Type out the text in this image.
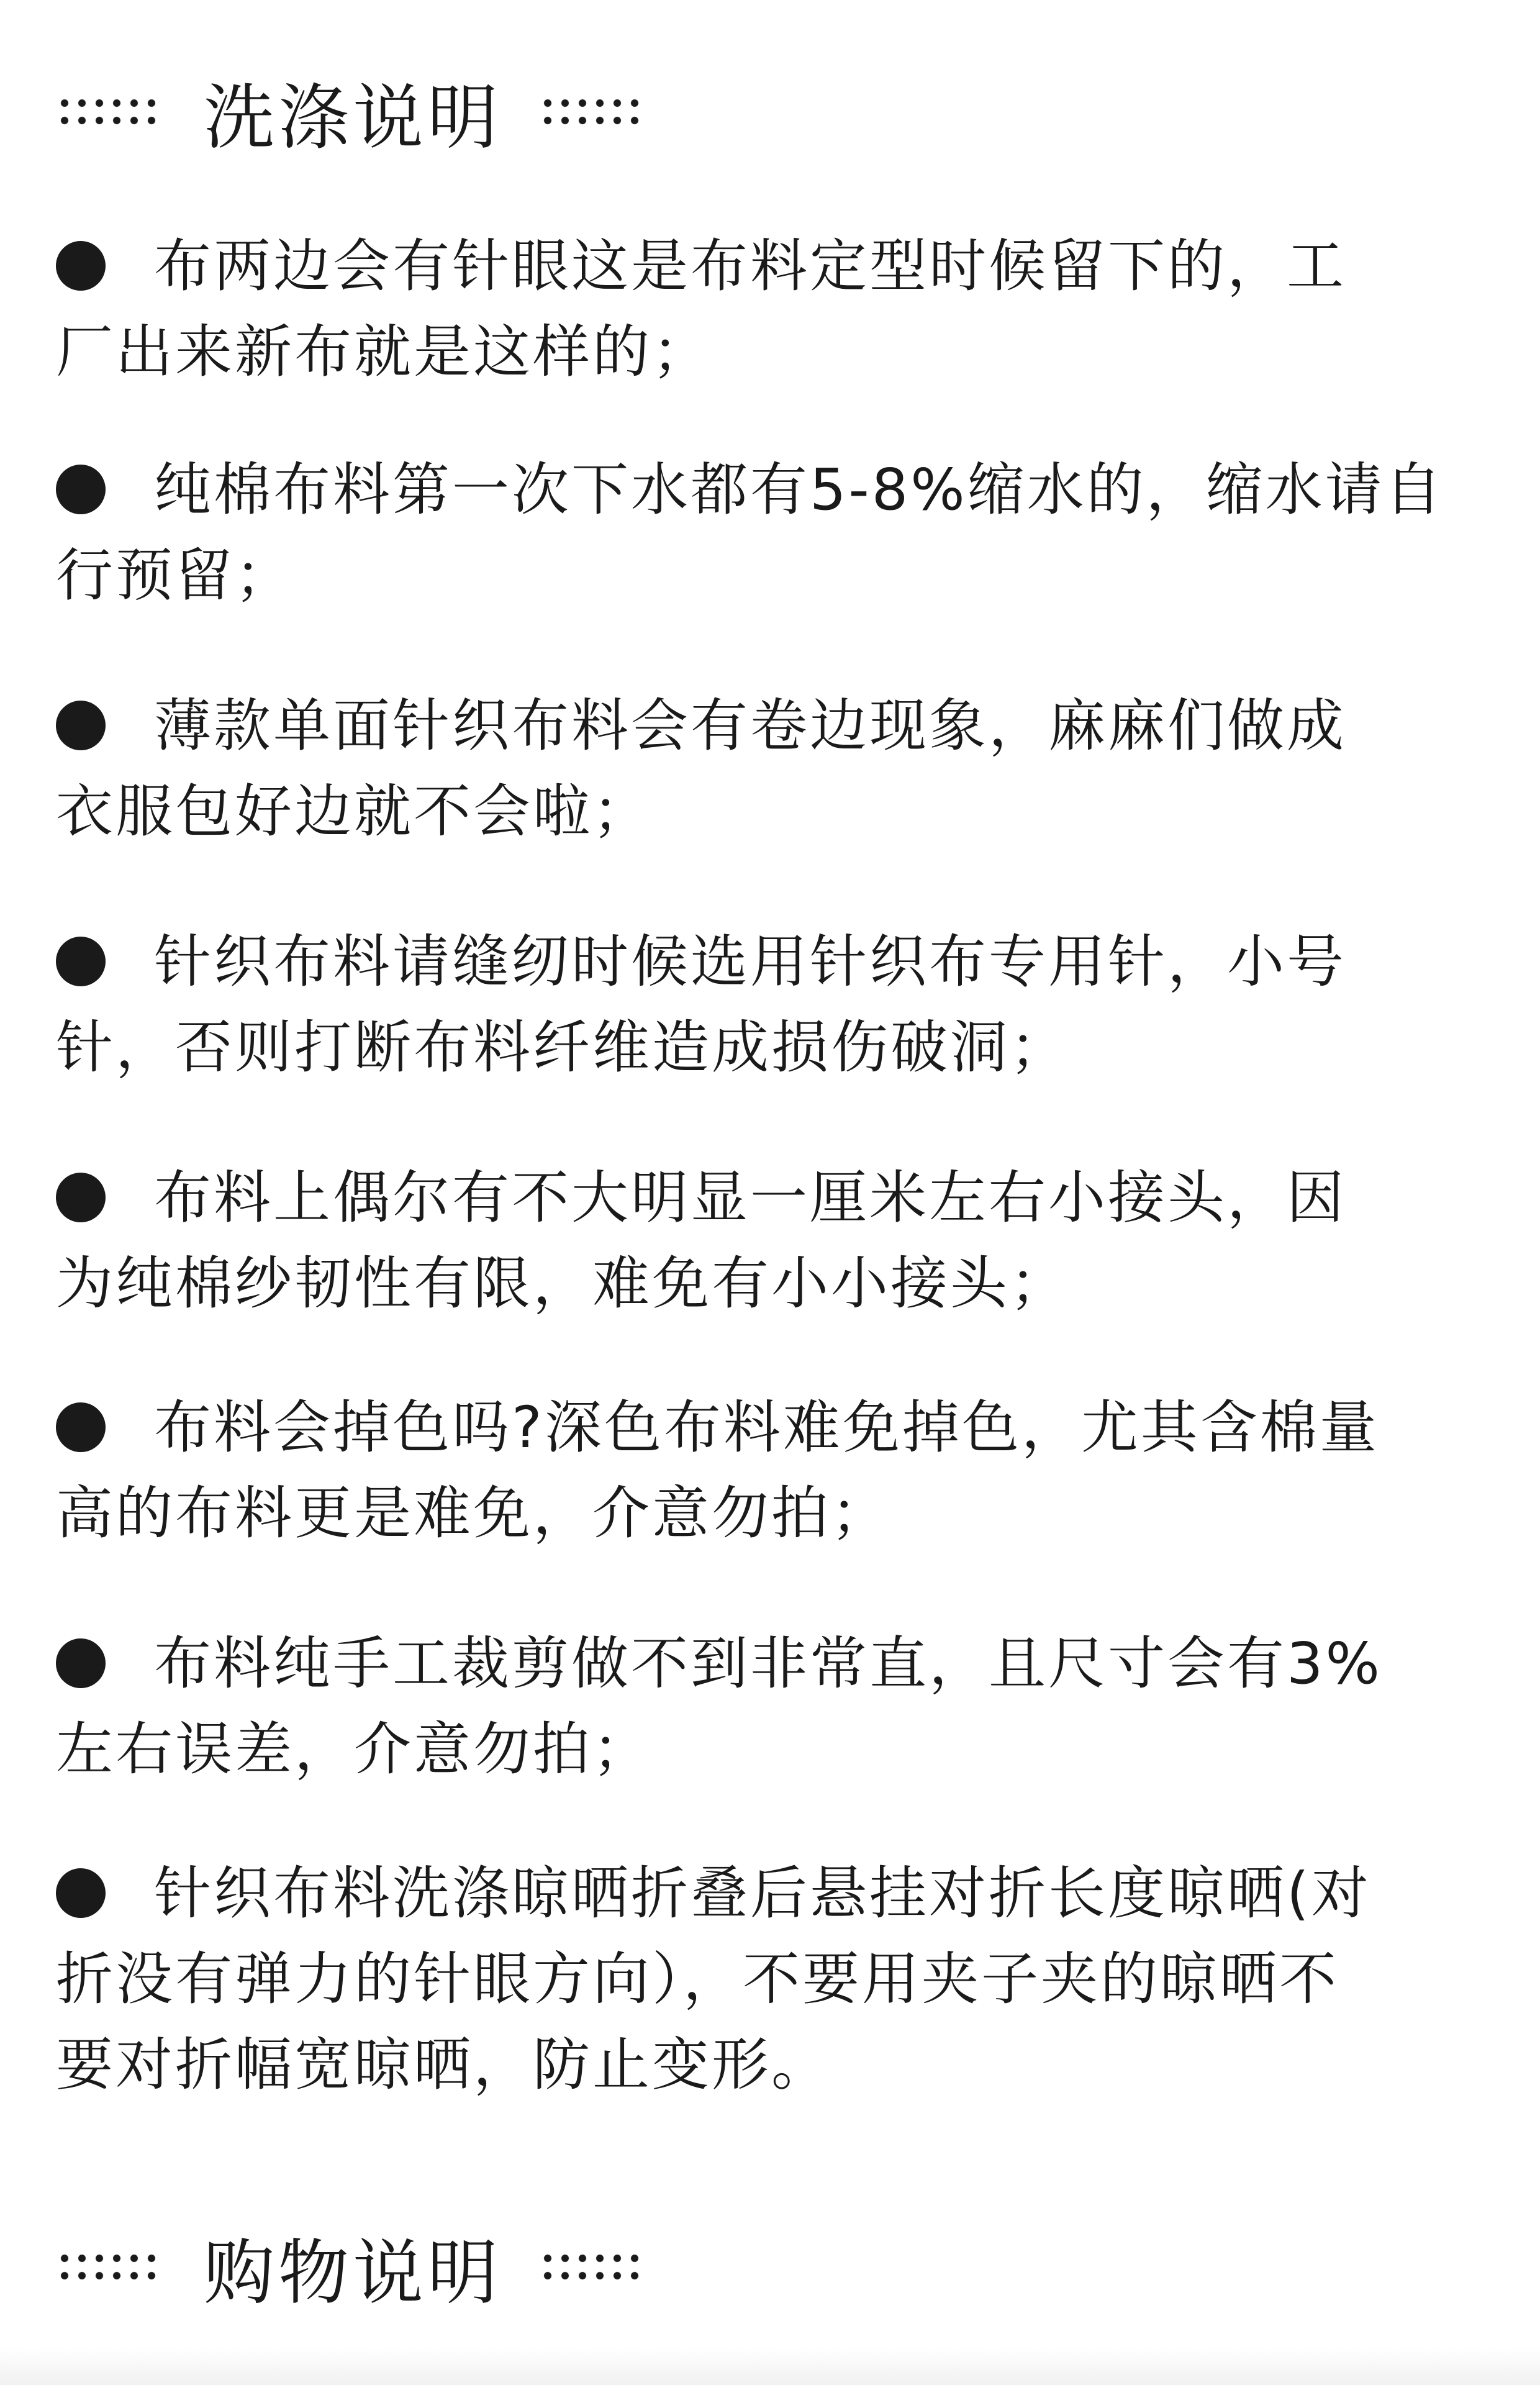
洗涤说明
布两边会有针眼这是布料定型时候留下的，工
厂出来新布就是这样的；
纯棉布料第一次下水都有5-8%缩水的，缩水请自
行预留；
薄款单面针织布料会有卷边现象，麻麻们做成
衣服包好边就不会啦；
针织布料请缝纫时候选用针织布专用针，小号
针，否则打断布料纤维造成损伤破洞；
布料上偶尔有不大明显一厘米左右小接头，因
为纯棉纱韧性有限，难免有小小接头；
布料会掉色吗?深色布料难免掉色，尤其含棉量
高的布料更是难免，介意勿拍；
布料纯手工裁剪做不到非常直，且尺寸会有3%
左右误差，介意勿拍；
针织布料洗涤晾晒折叠后悬挂对折长度晾晒(对
折没有弹力的针眼方向），不要用夹子夹的晾晒不
要对折幅宽晾晒，防止变形。
购物说明
